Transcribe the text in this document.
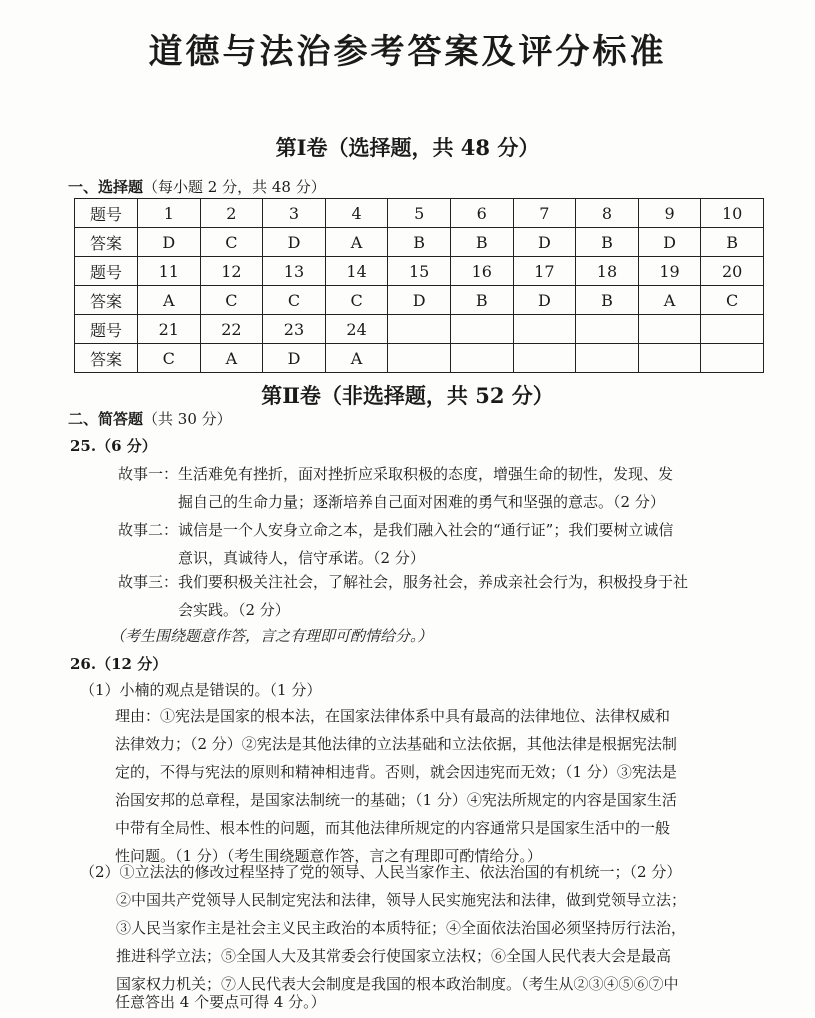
道德与法治参考答案及评分标准
第Ⅰ卷（选择题，共 48 分）
一、选择题（每小题 2 分，共 48 分）
题号	1	2	3	4	5	6	7	8	9	10
答案	D	C	D	A	B	B	D	B	D	B
题号	11	12	13	14	15	16	17	18	19	20
答案	A	C	C	C	D	B	D	B	A	C
题号	21	22	23	24						
答案	C	A	D	A						
第Ⅱ卷（非选择题，共 52 分）
二、简答题（共 30 分）
25.（6 分）
故事一：生活难免有挫折，面对挫折应采取积极的态度，增强生命的韧性，发现、发
掘自己的生命力量；逐渐培养自己面对困难的勇气和坚强的意志。（2 分）
故事二：诚信是一个人安身立命之本，是我们融入社会的“通行证”；我们要树立诚信
意识，真诚待人，信守承诺。（2 分）
故事三：我们要积极关注社会，了解社会，服务社会，养成亲社会行为，积极投身于社
会实践。（2 分）
（考生围绕题意作答，言之有理即可酌情给分。）
26.（12 分）
（1）小楠的观点是错误的。（1 分）
理由：①宪法是国家的根本法，在国家法律体系中具有最高的法律地位、法律权威和
法律效力；（2 分）②宪法是其他法律的立法基础和立法依据，其他法律是根据宪法制
定的，不得与宪法的原则和精神相违背。否则，就会因违宪而无效；（1 分）③宪法是
治国安邦的总章程，是国家法制统一的基础；（1 分）④宪法所规定的内容是国家生活
中带有全局性、根本性的问题，而其他法律所规定的内容通常只是国家生活中的一般
性问题。（1 分）（考生围绕题意作答，言之有理即可酌情给分。）
（2）①立法法的修改过程坚持了党的领导、人民当家作主、依法治国的有机统一；（2 分）
②中国共产党领导人民制定宪法和法律，领导人民实施宪法和法律，做到党领导立法；
③人民当家作主是社会主义民主政治的本质特征；④全面依法治国必须坚持厉行法治，
推进科学立法；⑤全国人大及其常委会行使国家立法权；⑥全国人民代表大会是最高
国家权力机关；⑦人民代表大会制度是我国的根本政治制度。（考生从②③④⑤⑥⑦中
任意答出 4 个要点可得 4 分。）
